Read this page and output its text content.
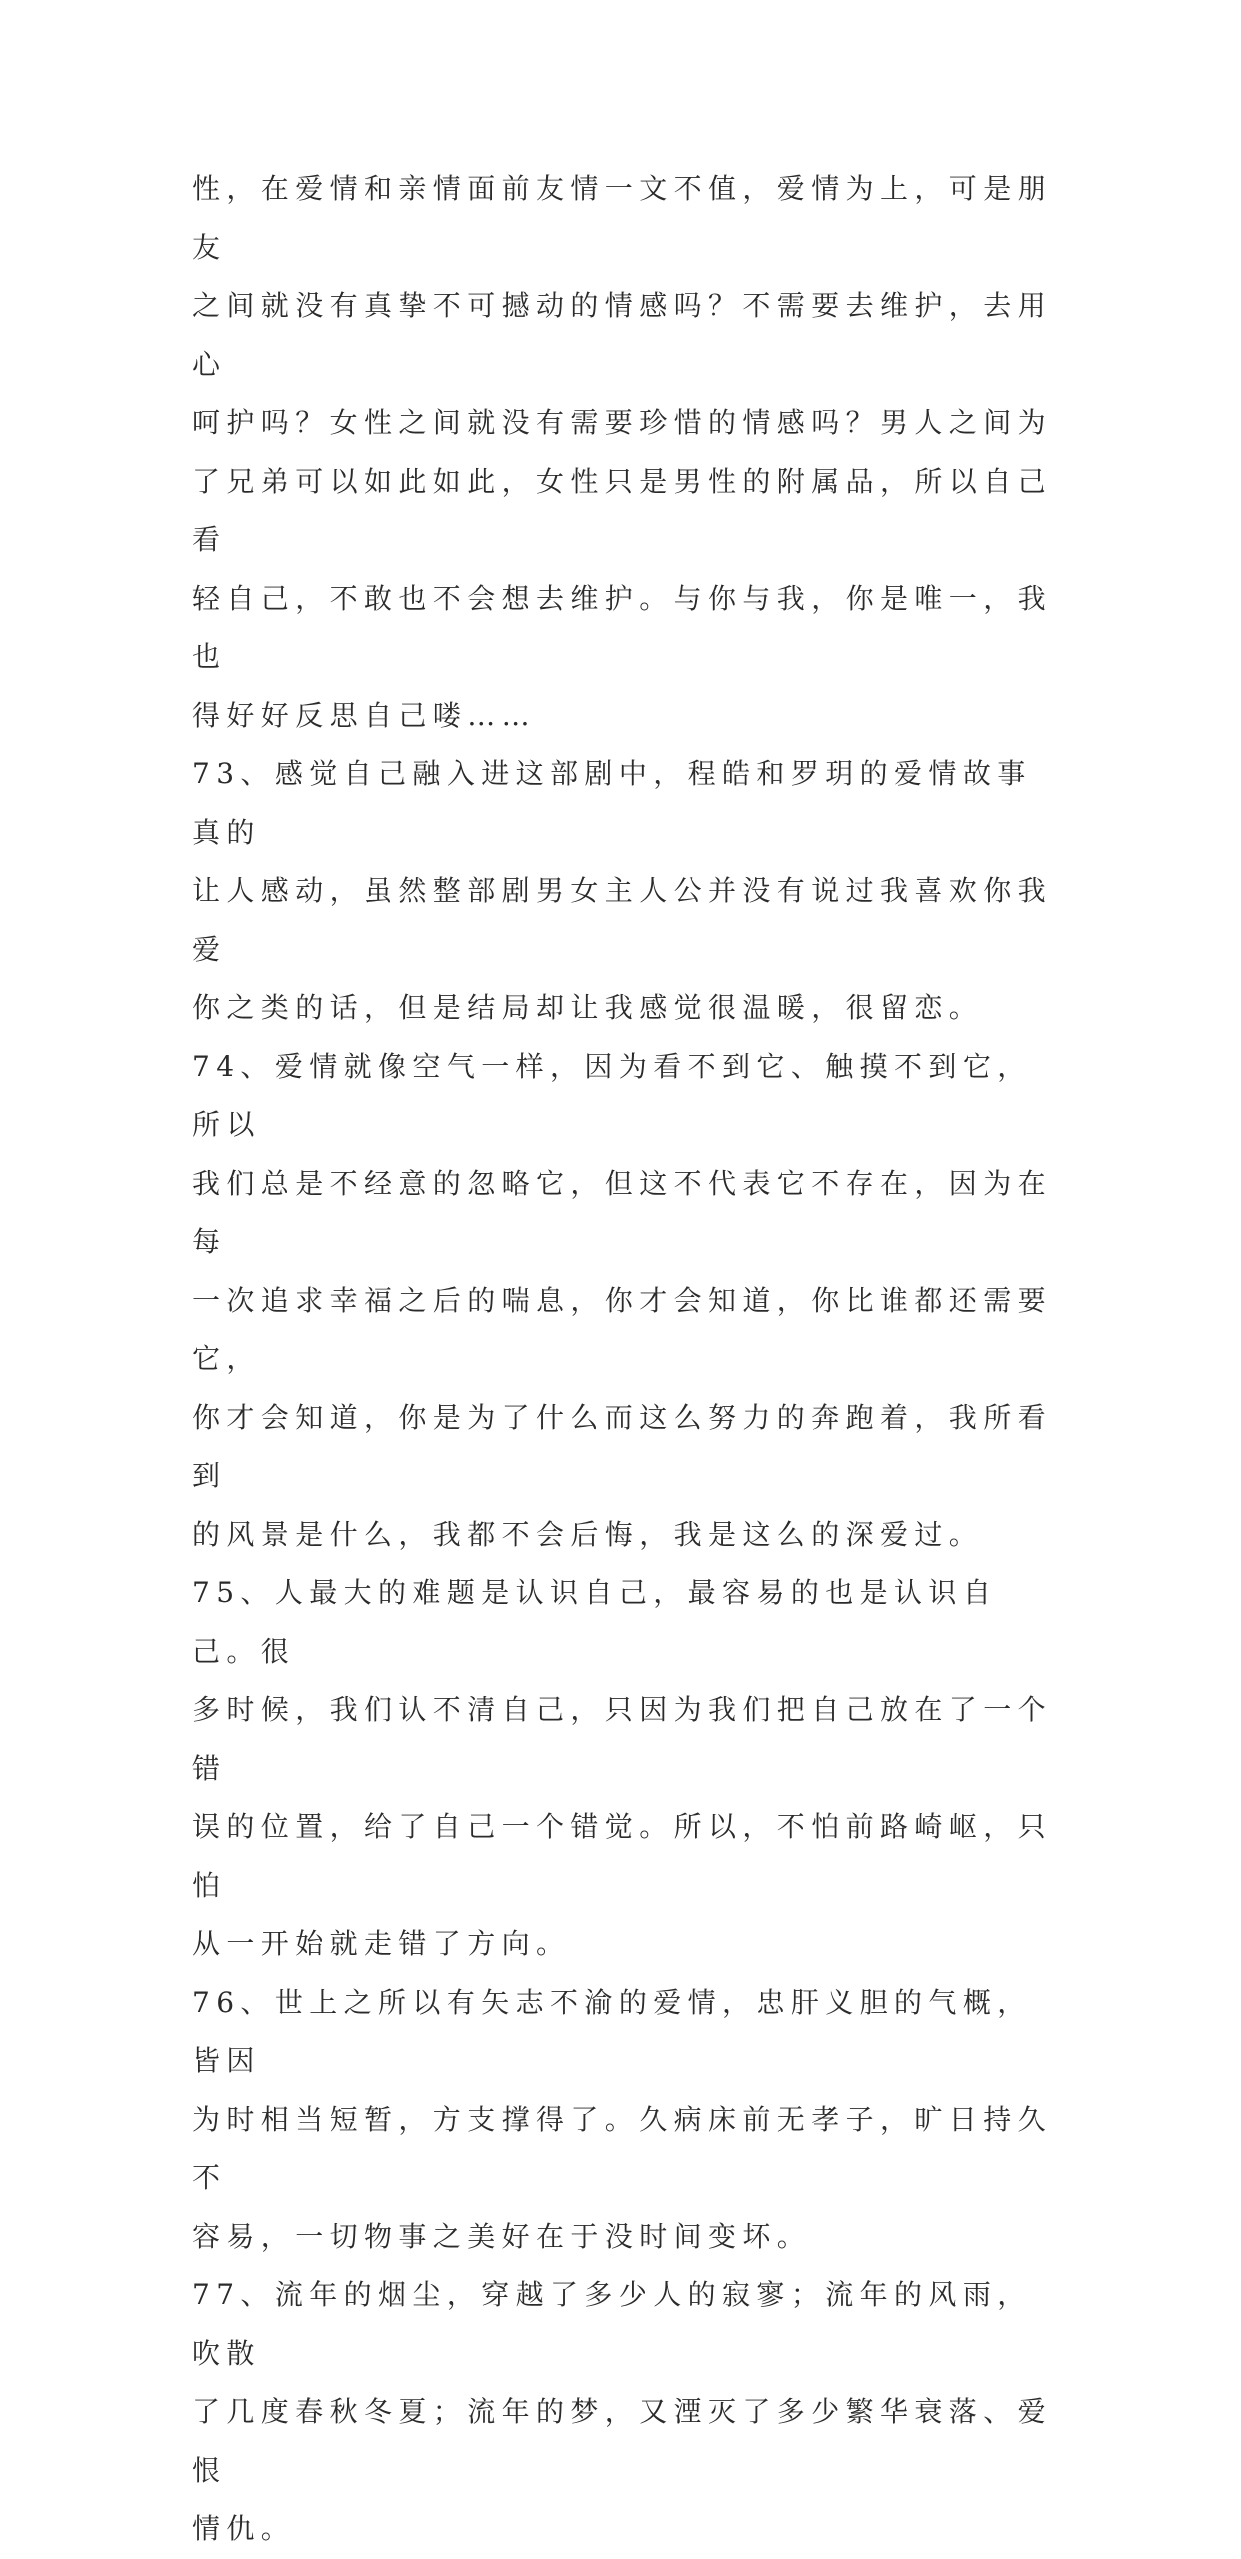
性，在爱情和亲情面前友情一文不值，爱情为上，可是朋友
之间就没有真挚不可撼动的情感吗？不需要去维护，去用心
呵护吗？女性之间就没有需要珍惜的情感吗？男人之间为
了兄弟可以如此如此，女性只是男性的附属品，所以自己看
轻自己，不敢也不会想去维护。与你与我，你是唯一，我也
得好好反思自己喽……

73、感觉自己融入进这部剧中，程皓和罗玥的爱情故事真的
让人感动，虽然整部剧男女主人公并没有说过我喜欢你我爱
你之类的话，但是结局却让我感觉很温暖，很留恋。

74、爱情就像空气一样，因为看不到它、触摸不到它，所以
我们总是不经意的忽略它，但这不代表它不存在，因为在每
一次追求幸福之后的喘息，你才会知道，你比谁都还需要它，
你才会知道，你是为了什么而这么努力的奔跑着，我所看到
的风景是什么，我都不会后悔，我是这么的深爱过。

75、人最大的难题是认识自己，最容易的也是认识自己。很
多时候，我们认不清自己，只因为我们把自己放在了一个错
误的位置，给了自己一个错觉。所以，不怕前路崎岖，只怕
从一开始就走错了方向。

76、世上之所以有矢志不渝的爱情，忠肝义胆的气概，皆因
为时相当短暂，方支撑得了。久病床前无孝子，旷日持久不
容易，一切物事之美好在于没时间变坏。

77、流年的烟尘，穿越了多少人的寂寥；流年的风雨，吹散
了几度春秋冬夏；流年的梦，又湮灭了多少繁华衰落、爱恨
情仇。
